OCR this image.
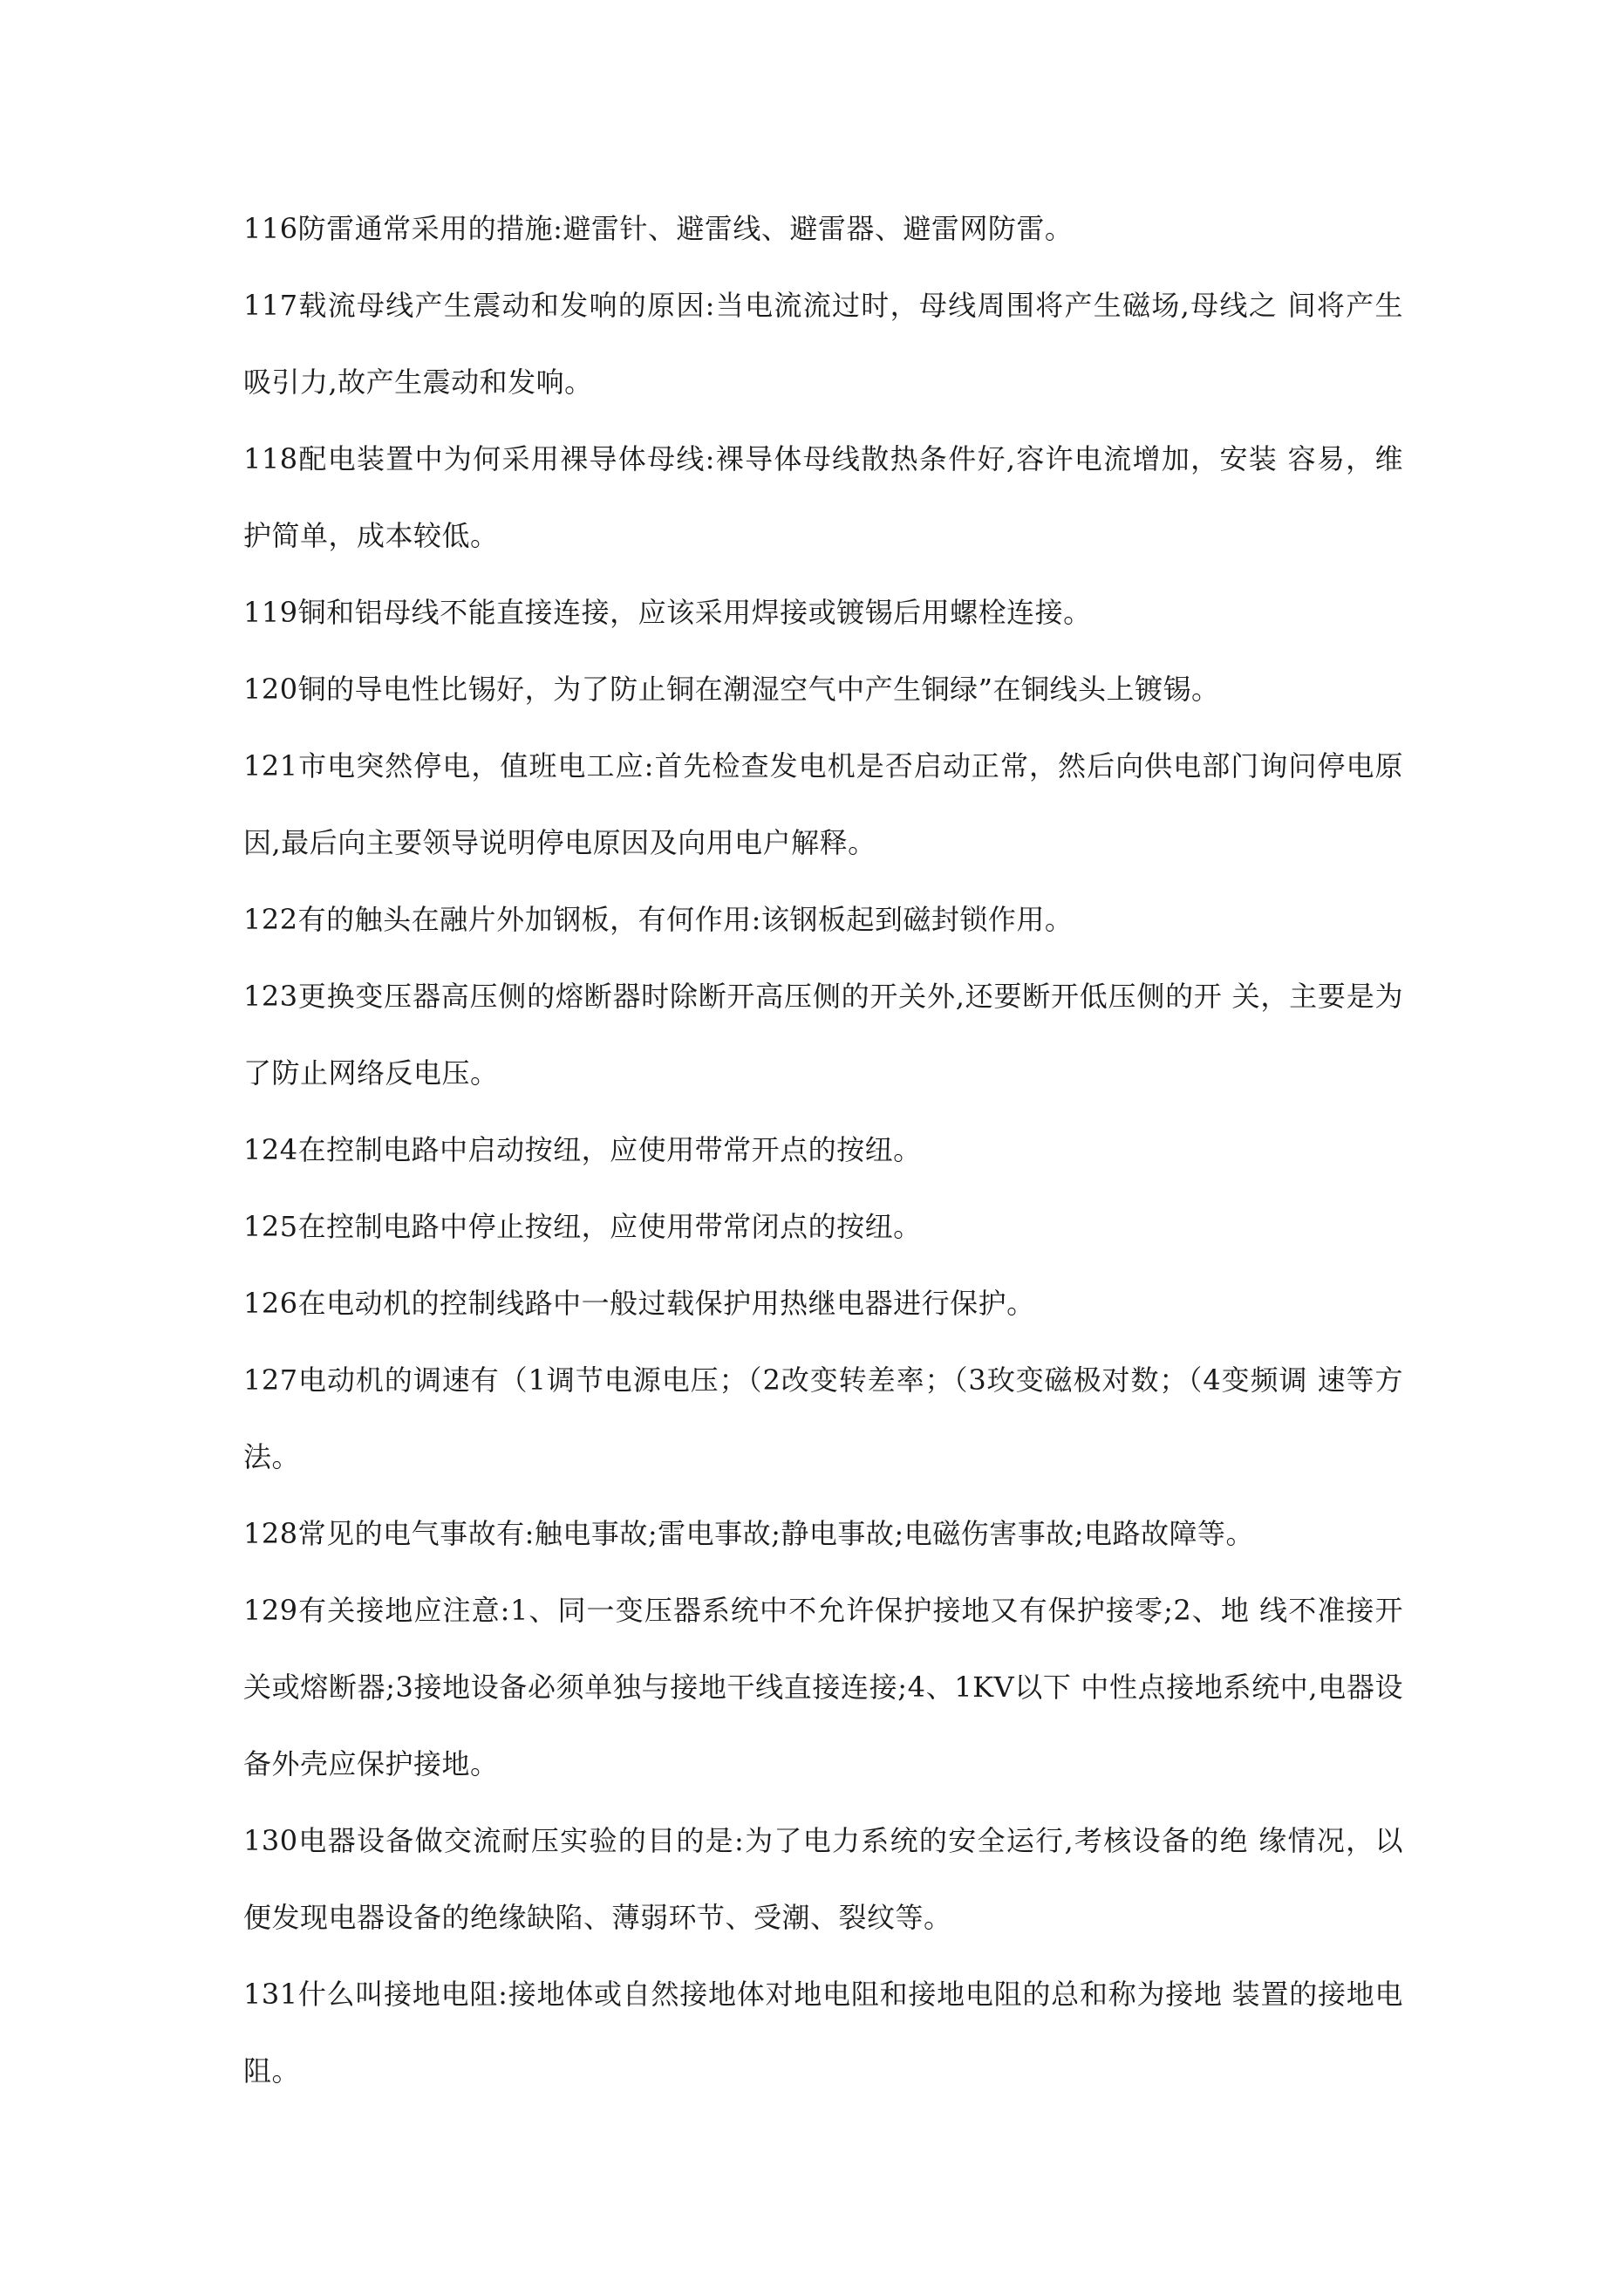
116防雷通常采用的措施:避雷针、避雷线、避雷器、避雷网防雷。

117载流母线产生震动和发响的原因:当电流流过时，母线周围将产生磁场,母线之 间将产生吸引力,故产生震动和发响。

118配电装置中为何采用裸导体母线:裸导体母线散热条件好,容许电流增加，安装 容易，维护简单，成本较低。

119铜和铝母线不能直接连接，应该采用焊接或镀锡后用螺栓连接。

120铜的导电性比锡好，为了防止铜在潮湿空气中产生铜绿”在铜线头上镀锡。

121市电突然停电，值班电工应:首先检查发电机是否启动正常，然后向供电部门询问停电原因,最后向主要领导说明停电原因及向用电户解释。

122有的触头在融片外加钢板，有何作用:该钢板起到磁封锁作用。

123更换变压器高压侧的熔断器时除断开高压侧的开关外,还要断开低压侧的开 关，主要是为了防止网络反电压。

124在控制电路中启动按纽，应使用带常开点的按纽。

125在控制电路中停止按纽，应使用带常闭点的按纽。

126在电动机的控制线路中一般过载保护用热继电器进行保护。

127电动机的调速有（1调节电源电压；（2改变转差率；（3玫变磁极对数；（4变频调 速等方法。

128常见的电气事故有:触电事故;雷电事故;静电事故;电磁伤害事故;电路故障等。

129有关接地应注意:1、同一变压器系统中不允许保护接地又有保护接零;2、地 线不准接开关或熔断器;3接地设备必须单独与接地干线直接连接;4、1KV以下 中性点接地系统中,电器设备外壳应保护接地。

130电器设备做交流耐压实验的目的是:为了电力系统的安全运行,考核设备的绝 缘情况，以便发现电器设备的绝缘缺陷、薄弱环节、受潮、裂纹等。

131什么叫接地电阻:接地体或自然接地体对地电阻和接地电阻的总和称为接地 装置的接地电阻。
